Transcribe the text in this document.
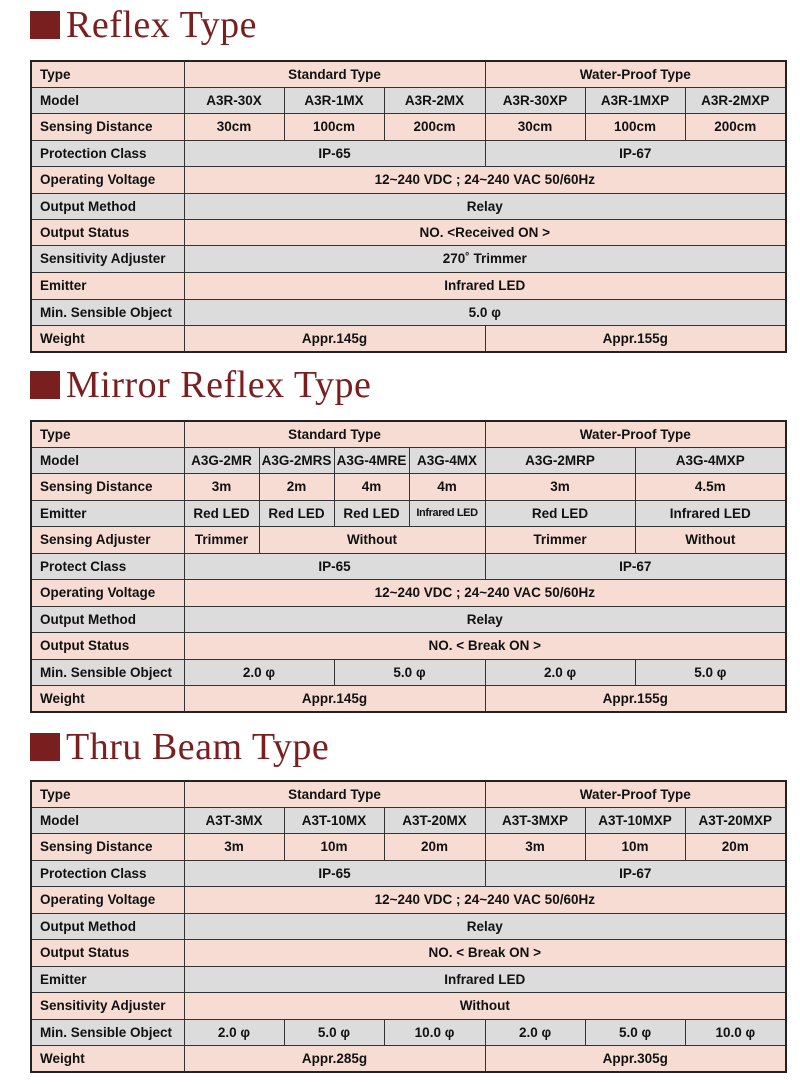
Reflex Type
Type	Standard Type			Water-Proof Type		
Model	A3R-30X	A3R-1MX	A3R-2MX	A3R-30XP	A3R-1MXP	A3R-2MXP
Sensing Distance	30cm	100cm	200cm	30cm	100cm	200cm
Protection Class	IP-65			IP-67		
Operating Voltage	12~240 VDC ; 24~240 VAC 50/60Hz					
Output Method	Relay					
Output Status	NO. <Received ON >					
Sensitivity Adjuster	270˚ Trimmer					
Emitter	Infrared LED					
Min. Sensible Object	5.0 φ					
Weight	Appr.145g			Appr.155g		
Mirror Reflex Type
Type	Standard Type				Water-Proof Type	
Model	A3G-2MR	A3G-2MRS	A3G-4MRE	A3G-4MX	A3G-2MRP	A3G-4MXP
Sensing Distance	3m	2m	4m	4m	3m	4.5m
Emitter	Red LED	Red LED	Red LED	Infrared LED	Red LED	Infrared LED
Sensing Adjuster	Trimmer	Without			Trimmer	Without
Protect Class	IP-65				IP-67	
Operating Voltage	12~240 VDC ; 24~240 VAC 50/60Hz					
Output Method	Relay					
Output Status	NO. < Break ON >					
Min. Sensible Object	2.0 φ		5.0 φ		2.0 φ	5.0 φ
Weight	Appr.145g				Appr.155g	
Thru Beam Type
Type	Standard Type			Water-Proof Type		
Model	A3T-3MX	A3T-10MX	A3T-20MX	A3T-3MXP	A3T-10MXP	A3T-20MXP
Sensing Distance	3m	10m	20m	3m	10m	20m
Protection Class	IP-65			IP-67		
Operating Voltage	12~240 VDC ; 24~240 VAC 50/60Hz					
Output Method	Relay					
Output Status	NO. < Break ON >					
Emitter	Infrared LED					
Sensitivity Adjuster	Without					
Min. Sensible Object	2.0 φ	5.0 φ	10.0 φ	2.0 φ	5.0 φ	10.0 φ
Weight	Appr.285g			Appr.305g		
